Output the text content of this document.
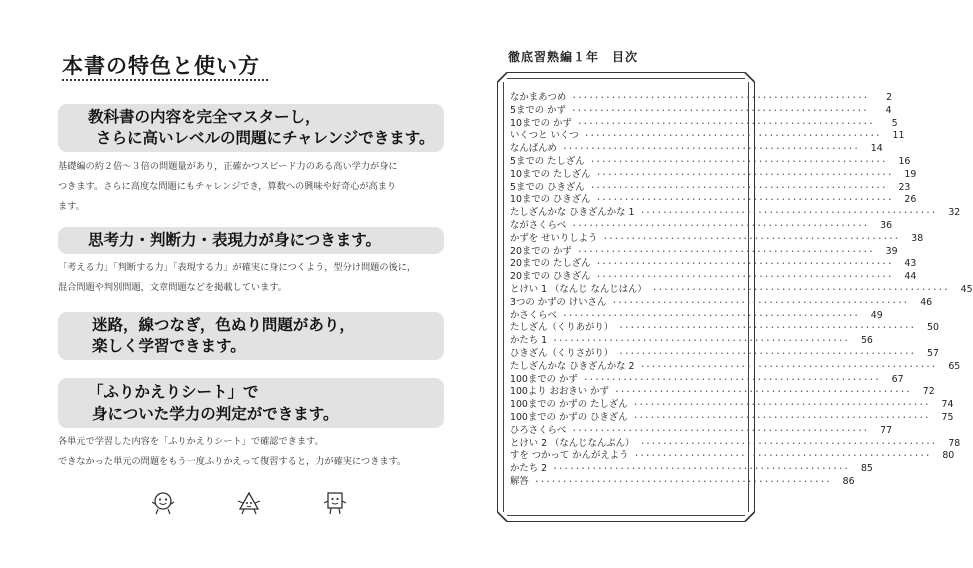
本書の特色と使い方
教科書の内容を完全マスターし，
さらに高いレベルの問題にチャレンジできます。
基礎編の約２倍～３倍の問題量があり，正確かつスピード力のある高い学力が身に
つきます。さらに高度な問題にもチャレンジでき，算数への興味や好奇心が高まり
ます。
思考力・判断力・表現力が身につきます。
「考える力」「判断する力」「表現する力」が確実に身につくよう，型分け問題の後に，
混合問題や判別問題，文章問題などを掲載しています。
迷路，線つなぎ，色ぬり問題があり，
楽しく学習できます。
「ふりかえりシート」で
身についた学力の判定ができます。
各単元で学習した内容を「ふりかえりシート」で確認できます。
できなかった単元の問題をもう一度ふりかえって復習すると，力が確実につきます。
徹底習熟編１年　目次
なかまあつめ ･････････････････････････････････････････････････････	2
5までの かず ･････････････････････････････････････････････････････	4
10までの かず ･････････････････････････････････････････････････････	5
いくつと いくつ ･････････････････････････････････････････････････････	11
なんばんめ ･････････････････････････････････････････････････････	14
5までの たしざん ･････････････････････････････････････････････････････	16
10までの たしざん ･････････････････････････････････････････････････････	19
5までの ひきざん ･････････････････････････････････････････････････････	23
10までの ひきざん ･････････････････････････････････････････････････････	26
たしざんかな ひきざんかな 1 ･････････････････････････････････････････････････････	32
ながさくらべ ･････････････････････････････････････････････････････	36
かずを せいりしよう ･････････････････････････････････････････････････････	38
20までの かず ･････････････････････････････････････････････････････	39
20までの たしざん ･････････････････････････････････････････････････････	43
20までの ひきざん ･････････････････････････････････････････････････････	44
とけい 1 （なんじ なんじはん） ･････････････････････････････････････････････････････	45
3つの かずの けいさん ･････････････････････････････････････････････････････	46
かさくらべ ･････････････････････････････････････････････････････	49
たしざん（くりあがり） ･････････････････････････････････････････････････････	50
かたち 1 ･････････････････････････････････････････････････････	56
ひきざん（くりさがり） ･････････････････････････････････････････････････････	57
たしざんかな ひきざんかな 2 ･････････････････････････････････････････････････････	65
100までの かず ･････････････････････････････････････････････････････	67
100より おおきい かず ･････････････････････････････････････････････････････	72
100までの かずの たしざん ･････････････････････････････････････････････････････	74
100までの かずの ひきざん ･････････････････････････････････････････････････････	75
ひろさくらべ ･････････････････････････････････････････････････････	77
とけい 2 （なんじなんぷん） ･････････････････････････････････････････････････････	78
すを つかって かんがえよう ･････････････････････････････････････････････････････	80
かたち 2 ･････････････････････････････････････････････････････	85
解答 ･････････････････････････････････････････････････････	86
